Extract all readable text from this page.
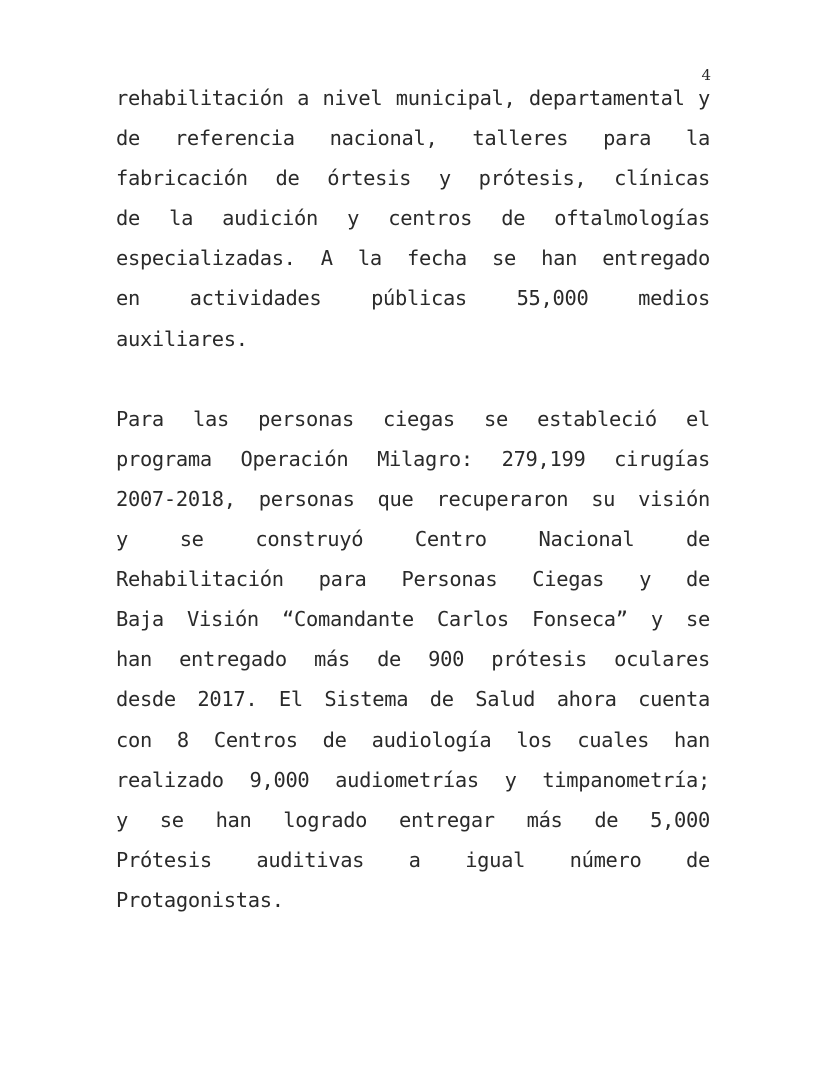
4

rehabilitación a nivel municipal, departamental y
de referencia nacional, talleres para la
fabricación de órtesis y prótesis, clínicas
de la audición y centros de oftalmologías
especializadas. A la fecha se han entregado
en actividades públicas 55,000 medios
auxiliares.

Para las personas ciegas se estableció el
programa Operación Milagro: 279,199 cirugías
2007-2018, personas que recuperaron su visión
y se construyó Centro Nacional de
Rehabilitación para Personas Ciegas y de
Baja Visión “Comandante Carlos Fonseca” y se
han entregado más de 900 prótesis oculares
desde 2017. El Sistema de Salud ahora cuenta
con 8 Centros de audiología los cuales han
realizado 9,000 audiometrías y timpanometría;
y se han logrado entregar más de 5,000
Prótesis auditivas a igual número de
Protagonistas.
